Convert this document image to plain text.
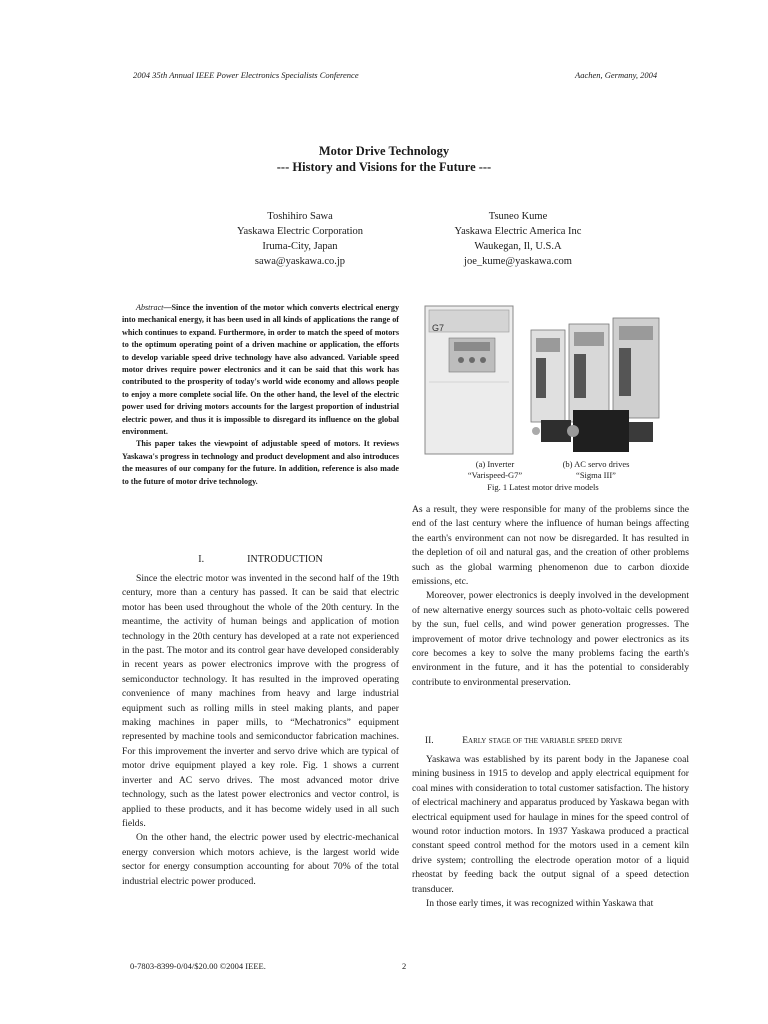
2004 35th Annual IEEE Power Electronics Specialists Conference	Aachen, Germany, 2004
Motor Drive Technology
--- History and Visions for the Future ---
Toshihiro Sawa
Yaskawa Electric Corporation
Iruma-City, Japan
sawa@yaskawa.co.jp
Tsuneo Kume
Yaskawa Electric America Inc
Waukegan, Il, U.S.A
joe_kume@yaskawa.com

Abstract—Since the invention of the motor which converts electrical energy into mechanical energy, it has been used in all kinds of applications the range of which continues to expand. Furthermore, in order to match the speed of motors to the optimum operating point of a driven machine or application, the efforts to develop variable speed drive technology have also advanced. Variable speed motor drives require power electronics and it can be said that this work has contributed to the prosperity of today's world wide economy and allows people to enjoy a more complete social life. On the other hand, the level of the electric power used for driving motors accounts for the largest proportion of industrial electric power, and thus it is impossible to disregard its influence on the global environment.

This paper takes the viewpoint of adjustable speed of motors. It reviews Yaskawa's progress in technology and product development and also introduces the measures of our company for the future. In addition, reference is also made to the future of motor drive technology.

I.	INTRODUCTION

Since the electric motor was invented in the second half of the 19th century, more than a century has passed. It can be said that electric motor has been used throughout the whole of the 20th century. In the meantime, the activity of human beings and application of motion technology in the 20th century has developed at a rate not experienced in the past. The motor and its control gear have developed considerably in recent years as power electronics improve with the progress of semiconductor technology. It has resulted in the improved operating convenience of many machines from heavy and large industrial equipment such as rolling mills in steel making plants, and paper making machines in paper mills, to “Mechatronics” equipment represented by machine tools and semiconductor fabrication machines. For this improvement the inverter and servo drive which are typical of motor drive equipment played a key role. Fig. 1 shows a current inverter and AC servo drives. The most advanced motor drive technology, such as the latest power electronics and vector control, is applied to these products, and it has become widely used in all such fields.

On the other hand, the electric power used by electric-mechanical energy conversion which motors achieve, is the largest world wide sector for energy consumption accounting for about 70% of the total industrial electric power produced.

G7
(a) Inverter
“Varispeed-G7”
(b) AC servo drives
“Sigma III”
Fig. 1 Latest motor drive models

As a result, they were responsible for many of the problems since the end of the last century where the influence of human beings affecting the earth's environment can not now be disregarded. It has resulted in the depletion of oil and natural gas, and the creation of other problems such as the global warming phenomenon due to carbon dioxide emissions, etc.

Moreover, power electronics is deeply involved in the development of new alternative energy sources such as photo-voltaic cells powered by the sun, fuel cells, and wind power generation progresses. The improvement of motor drive technology and power electronics as its core becomes a key to solve the many problems facing the earth's environment in the future, and it has the potential to considerably contribute to environmental preservation.

II.	Early stage of the variable speed drive

Yaskawa was established by its parent body in the Japanese coal mining business in 1915 to develop and apply electrical equipment for coal mines with consideration to total customer satisfaction. The history of electrical machinery and apparatus produced by Yaskawa began with electrical equipment used for haulage in mines for the speed control of wound rotor induction motors. In 1937 Yaskawa produced a practical constant speed control method for the motors used in a cement kiln drive system; controlling the electrode operation motor of a liquid rheostat by feeding back the output signal of a speed detection transducer.

In those early times, it was recognized within Yaskawa that

0-7803-8399-0/04/$20.00 ©2004 IEEE.	2
